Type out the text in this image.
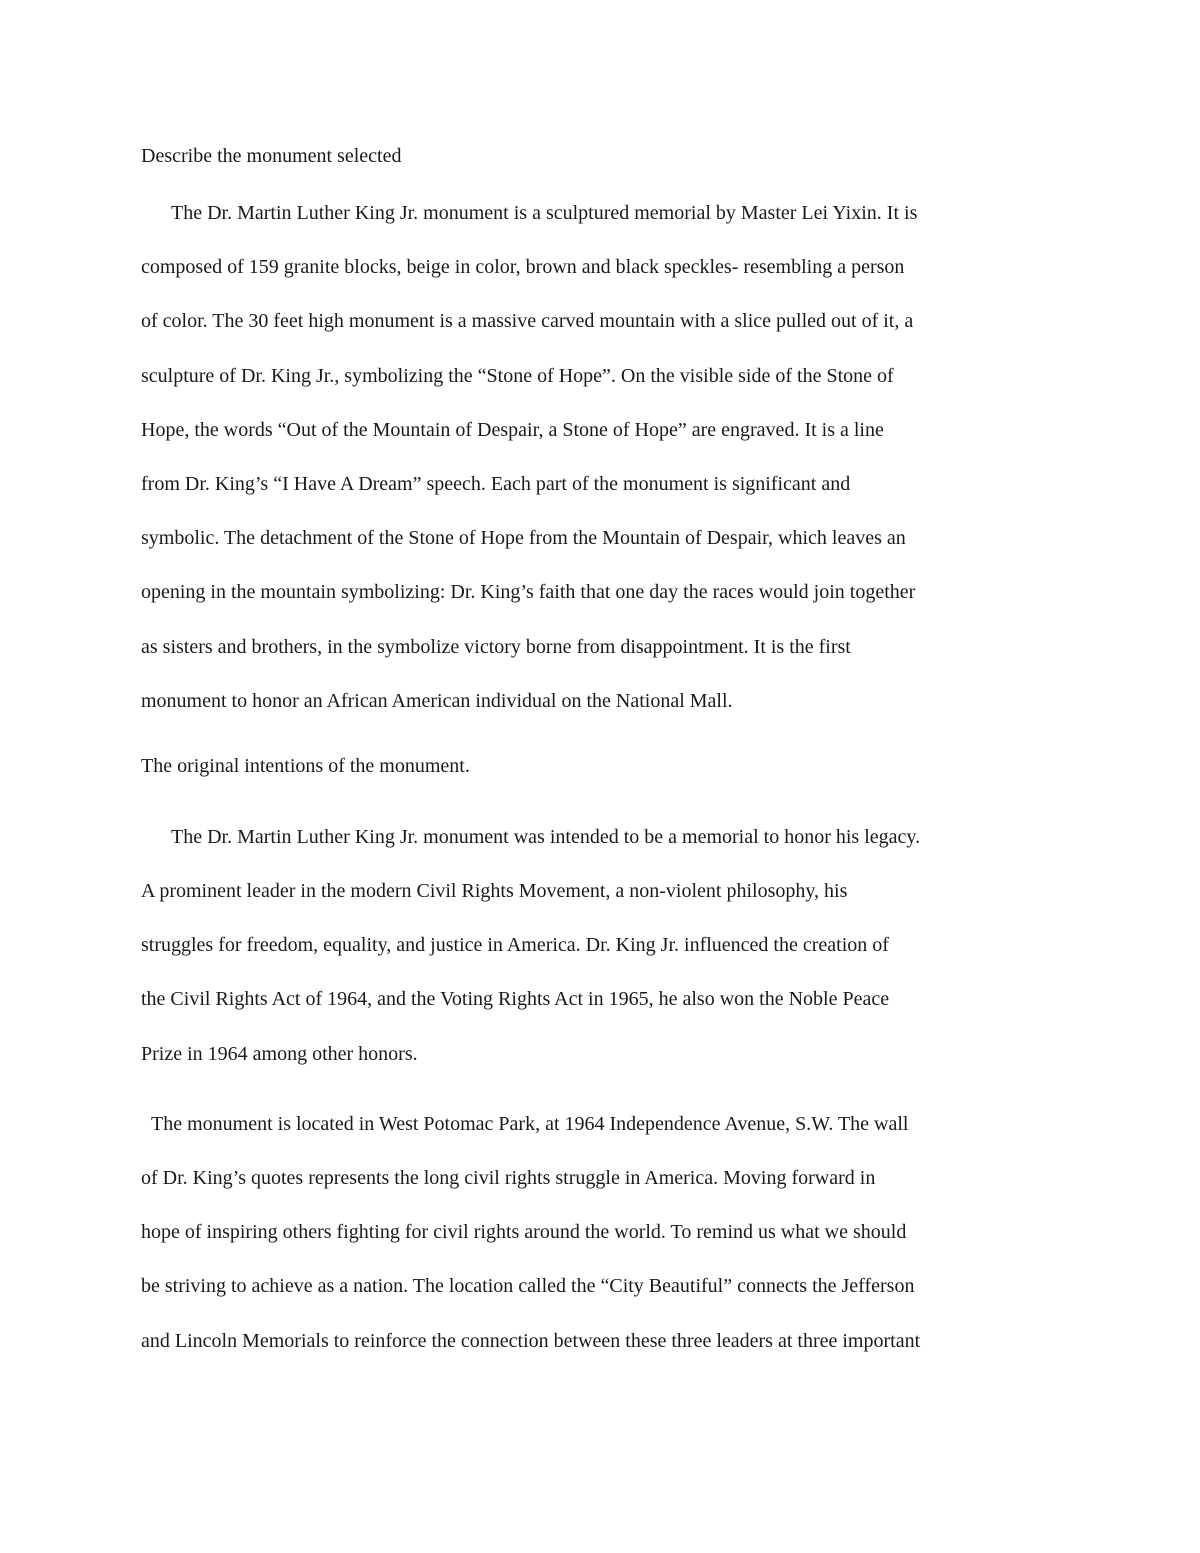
Describe the monument selected
The Dr. Martin Luther King Jr. monument is a sculptured memorial by Master Lei Yixin. It is
composed of 159 granite blocks, beige in color, brown and black speckles- resembling a person
of color. The 30 feet high monument is a massive carved mountain with a slice pulled out of it, a
sculpture of Dr. King Jr., symbolizing the “Stone of Hope”. On the visible side of the Stone of
Hope, the words “Out of the Mountain of Despair, a Stone of Hope” are engraved. It is a line
from Dr. King’s “I Have A Dream” speech. Each part of the monument is significant and
symbolic. The detachment of the Stone of Hope from the Mountain of Despair, which leaves an
opening in the mountain symbolizing: Dr. King’s faith that one day the races would join together
as sisters and brothers, in the symbolize victory borne from disappointment. It is the first
monument to honor an African American individual on the National Mall.
The original intentions of the monument.
The Dr. Martin Luther King Jr. monument was intended to be a memorial to honor his legacy.
A prominent leader in the modern Civil Rights Movement, a non-violent philosophy, his
struggles for freedom, equality, and justice in America. Dr. King Jr. influenced the creation of
the Civil Rights Act of 1964, and the Voting Rights Act in 1965, he also won the Noble Peace
Prize in 1964 among other honors.
The monument is located in West Potomac Park, at 1964 Independence Avenue, S.W. The wall
of Dr. King’s quotes represents the long civil rights struggle in America. Moving forward in
hope of inspiring others fighting for civil rights around the world. To remind us what we should
be striving to achieve as a nation. The location called the “City Beautiful” connects the Jefferson
and Lincoln Memorials to reinforce the connection between these three leaders at three important
